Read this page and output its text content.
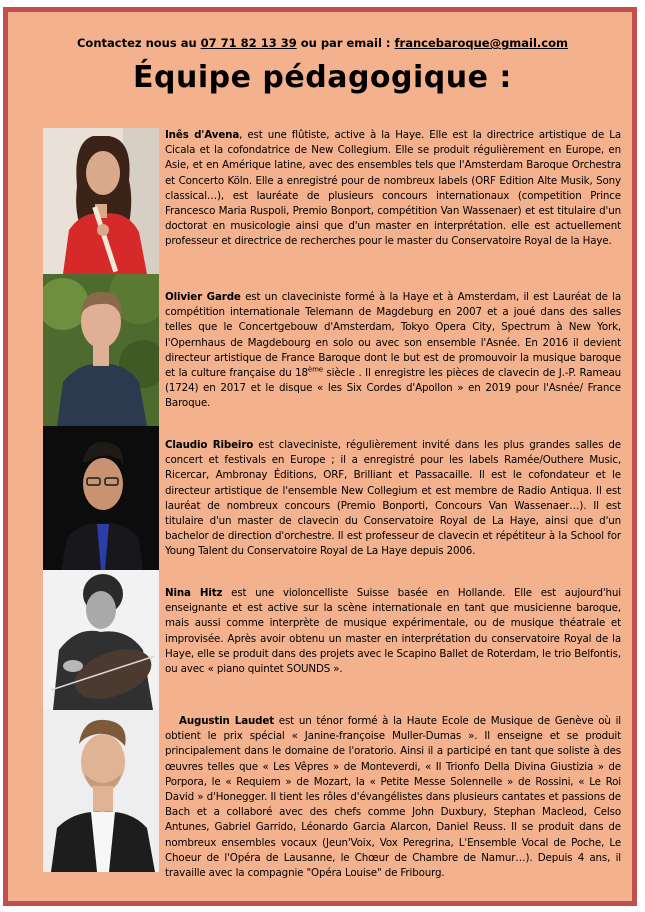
Contactez nous au 07 71 82 13 39 ou par email : francebaroque@gmail.com
Équipe pédagogique :
Inês d'Avena, est une flûtiste, active à la Haye. Elle est la directrice artistique de La Cicala et la cofondatrice de New Collegium. Elle se produit régulièrement en Europe, en Asie, et en Amérique latine, avec des ensembles tels que l'Amsterdam Baroque Orchestra et Concerto Köln. Elle a enregistré pour de nombreux labels (ORF Edition Alte Musik, Sony classical…), est lauréate de plusieurs concours internationaux (competition Prince Francesco Maria Ruspoli, Premio Bonport, compétition Van Wassenaer) et est titulaire d'un doctorat en musicologie ainsi que d'un master en interprétation. elle est actuellement professeur et directrice de recherches pour le master du Conservatoire Royal de la Haye.
Olivier Garde est un claveciniste formé à la Haye et à Amsterdam, il est Lauréat de la compétition internationale Telemann de Magdeburg en 2007 et a joué dans des salles telles que le Concertgebouw d'Amsterdam, Tokyo Opera City, Spectrum à New York, l'Opernhaus de Magdebourg en solo ou avec son ensemble l'Asnée. En 2016 il devient directeur artistique de France Baroque dont le but est de promouvoir la musique baroque et la culture française du 18ème siècle . Il enregistre les pièces de clavecin de J.-P. Rameau (1724) en 2017 et le disque « les Six Cordes d'Apollon » en 2019 pour l'Asnée/ France Baroque.
Claudio Ribeiro est claveciniste, régulièrement invité dans les plus grandes salles de concert et festivals en Europe ; il a enregistré pour les labels Ramée/Outhere Music, Ricercar, Ambronay Éditions, ORF, Brilliant et Passacaille. Il est le cofondateur et le directeur artistique de l'ensemble New Collegium et est membre de Radio Antiqua. Il est lauréat de nombreux concours (Premio Bonporti, Concours Van Wassenaer…). Il est titulaire d'un master de clavecin du Conservatoire Royal de La Haye, ainsi que d'un bachelor de direction d'orchestre. Il est professeur de clavecin et répétiteur à la School for Young Talent du Conservatoire Royal de La Haye depuis 2006.
Nina Hitz est une violoncelliste Suisse basée en Hollande. Elle est aujourd'hui enseignante et est active sur la scène internationale en tant que musicienne baroque, mais aussi comme interprète de musique expérimentale, ou de musique théatrale et improvisée. Après avoir obtenu un master en interprétation du conservatoire Royal de la Haye, elle se produit dans des projets avec le Scapino Ballet de Roterdam, le trio Belfontis, ou avec « piano quintet SOUNDS ».
Augustin Laudet est un ténor formé à la Haute Ecole de Musique de Genève où il obtient le prix spécial « Janine-françoise Muller-Dumas ». Il enseigne et se produit principalement dans le domaine de l'oratorio. Ainsi il a participé en tant que soliste à des œuvres telles que « Les Vêpres » de Monteverdi, « Il Trionfo Della Divina Giustizia » de Porpora, le « Requiem » de Mozart, la « Petite Messe Solennelle » de Rossini, « Le Roi David » d'Honegger. Il tient les rôles d'évangélistes dans plusieurs cantates et passions de Bach et a collaboré avec des chefs comme John Duxbury, Stephan Macleod, Celso Antunes, Gabriel Garrido, Léonardo Garcia Alarcon, Daniel Reuss. Il se produit dans de nombreux ensembles vocaux (Jeun'Voix, Vox Peregrina, L'Ensemble Vocal de Poche, Le Choeur de l'Opéra de Lausanne, le Chœur de Chambre de Namur…). Depuis 4 ans, il travaille avec la compagnie "Opéra Louise" de Fribourg.
